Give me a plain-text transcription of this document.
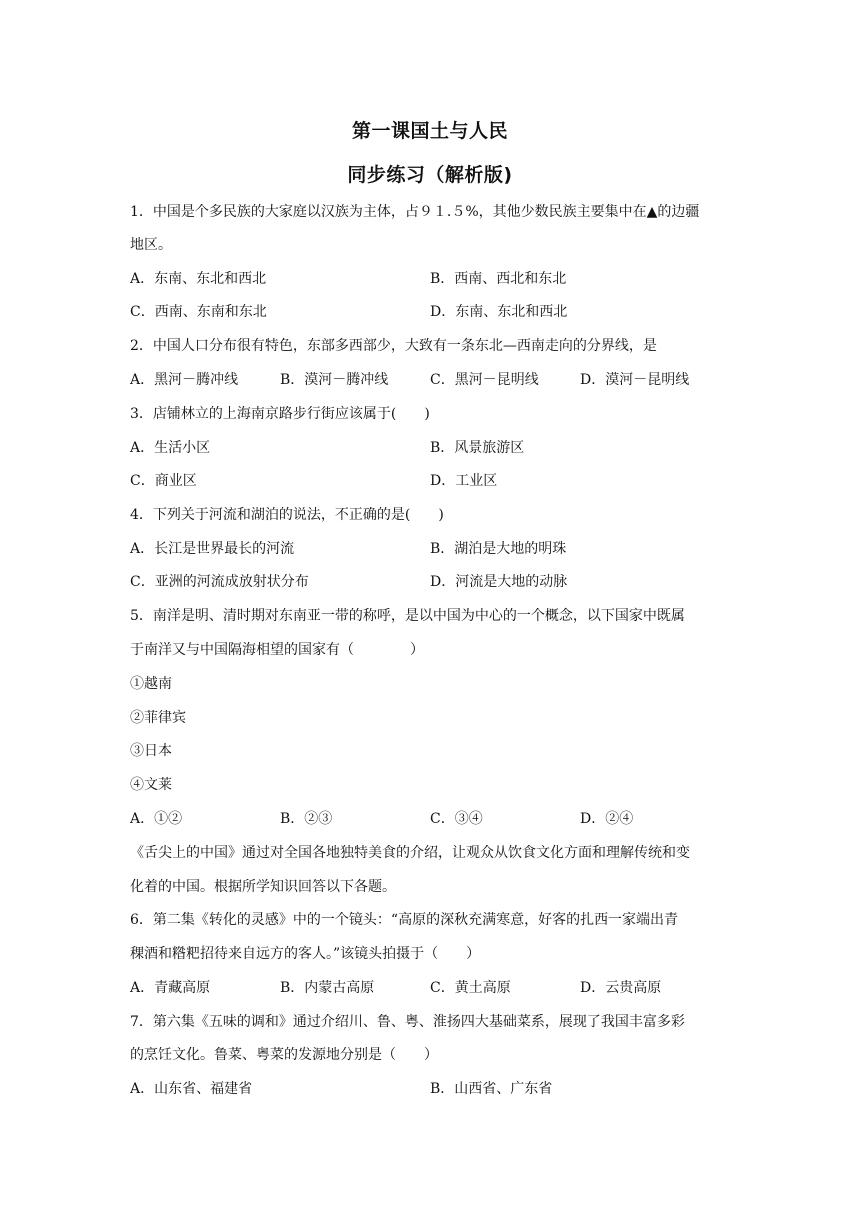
第一课国土与人民
同步练习（解析版)
1．中国是个多民族的大家庭以汉族为主体，占９１.５%，其他少数民族主要集中在▲的边疆
地区。
A．东南、东北和西北	B．西南、西北和东北
C．西南、东南和东北	D．东南、东北和西北
2．中国人口分布很有特色，东部多西部少，大致有一条东北—西南走向的分界线，是
A．黑河－腾冲线	B．漠河－腾冲线	C．黑河－昆明线	D．漠河－昆明线
3．店铺林立的上海南京路步行街应该属于(　　)
A．生活小区	B．风景旅游区
C．商业区	D．工业区
4．下列关于河流和湖泊的说法，不正确的是(　　)
A．长江是世界最长的河流	B．湖泊是大地的明珠
C．亚洲的河流成放射状分布	D．河流是大地的动脉
5．南洋是明、清时期对东南亚一带的称呼，是以中国为中心的一个概念，以下国家中既属
于南洋又与中国隔海相望的国家有（　　　　）
①越南
②菲律宾
③日本
④文莱
A．①②	B．②③	C．③④	D．②④
《舌尖上的中国》通过对全国各地独特美食的介绍，让观众从饮食文化方面和理解传统和变
化着的中国。根据所学知识回答以下各题。
6．第二集《转化的灵感》中的一个镜头：“高原的深秋充满寒意，好客的扎西一家端出青
稞酒和糌粑招待来自远方的客人。”该镜头拍摄于（　　）
A．青藏高原	B．内蒙古高原	C．黄土高原	D．云贵高原
7．第六集《五味的调和》通过介绍川、鲁、粤、淮扬四大基础菜系，展现了我国丰富多彩
的烹饪文化。鲁菜、粤菜的发源地分别是（　　）
A．山东省、福建省	B．山西省、广东省
